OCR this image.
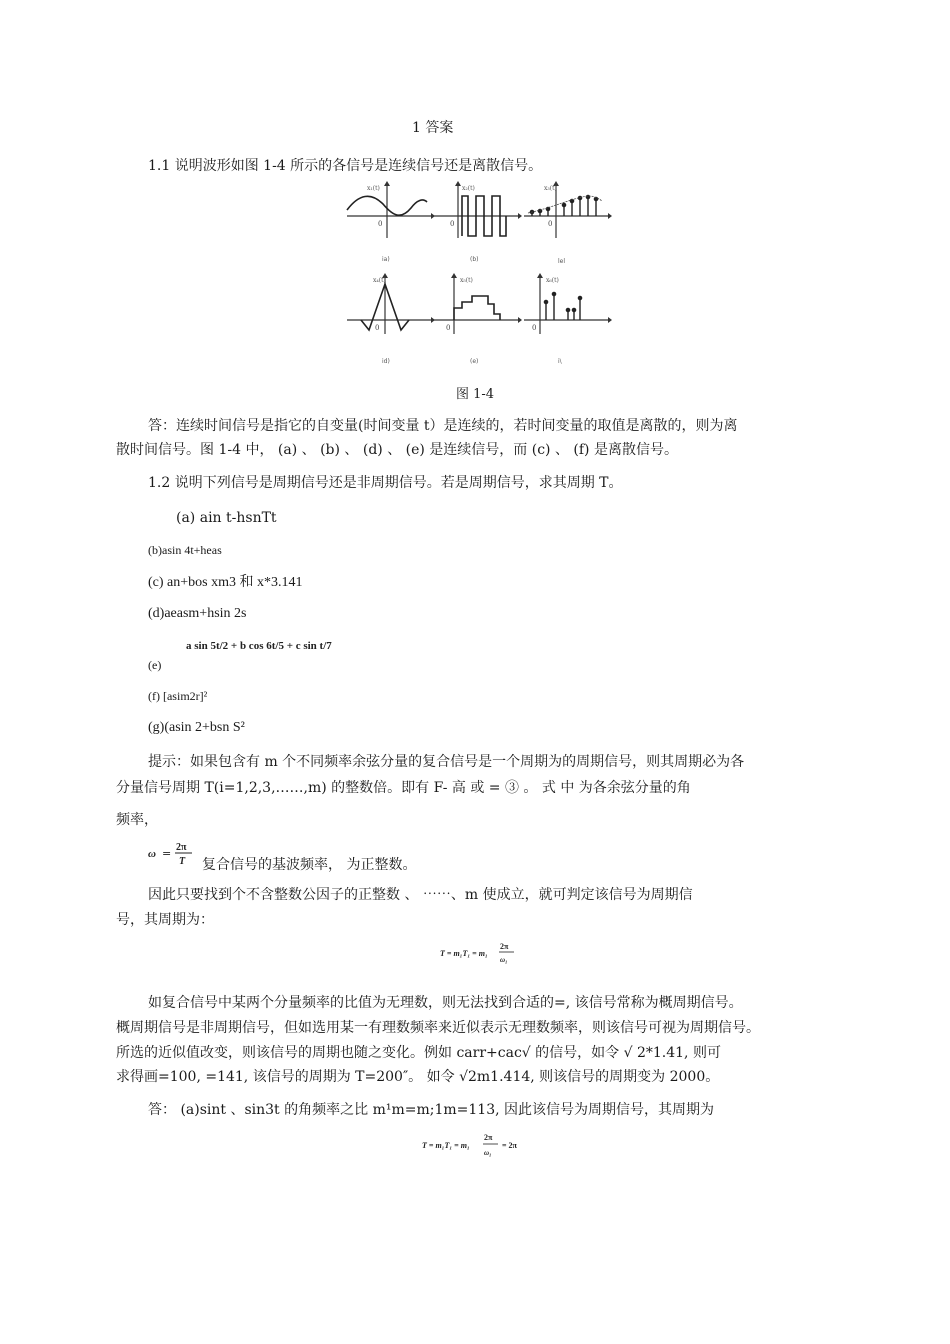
1 答案
1.1 说明波形如图 1-4 所示的各信号是连续信号还是离散信号。
0
x₁(t)
ia)
0
x₂(t)
(b)
0
x₃(t)
lel
0
x₄(t)
id)
0
x₅(t)
(e)
0
x₆(t)
i\
图 1-4
答：连续时间信号是指它的自变量(时间变量 t）是连续的，若时间变量的取值是离散的，则为离
散时间信号。图 1-4 中， (a) 、 (b) 、 (d) 、 (e) 是连续信号，而 (c) 、 (f) 是离散信号。
1.2 说明下列信号是周期信号还是非周期信号。若是周期信号，求其周期 T。
(a) ain t-hsnTt
(b)asin 4t+heas
(c) an+bos xm3 和 x*3.141
(d)aeasm+hsin 2s
(e)
a sin 5t/2 + b cos 6t/5 + c sin t/7
(f) [asim2r]²
(g)(asin 2+bsn S²
提示：如果包含有 m 个不同频率余弦分量的复合信号是一个周期为的周期信号，则其周期必为各
分量信号周期 T(i=1,2,3,……,m) 的整数倍。即有 F- 高 或 = ③ 。 式 中 为各余弦分量的角
频率，
ω = 2π
T 复合信号的基波频率， 为正整数。
因此只要找到个不含整数公因子的正整数 、 ⋯⋯、m 使成立，就可判定该信号为周期信
号，其周期为：
T = m₁T₁ = m₁
2π
ω₁
如复合信号中某两个分量频率的比值为无理数，则无法找到合适的=, 该信号常称为概周期信号。
概周期信号是非周期信号，但如选用某一有理数频率来近似表示无理数频率，则该信号可视为周期信号。
所选的近似值改变，则该信号的周期也随之变化。例如 carr+cac√ 的信号，如令 √ 2*1.41, 则可
求得画=100, =141, 该信号的周期为 T=200″。 如令 √2m1.414, 则该信号的周期变为 2000。
答： (a)sint 、sin3t 的角频率之比 m¹m=m;1m=113, 因此该信号为周期信号，其周期为
T = m₁T₁ = m₁
2π
ω₁
= 2π
